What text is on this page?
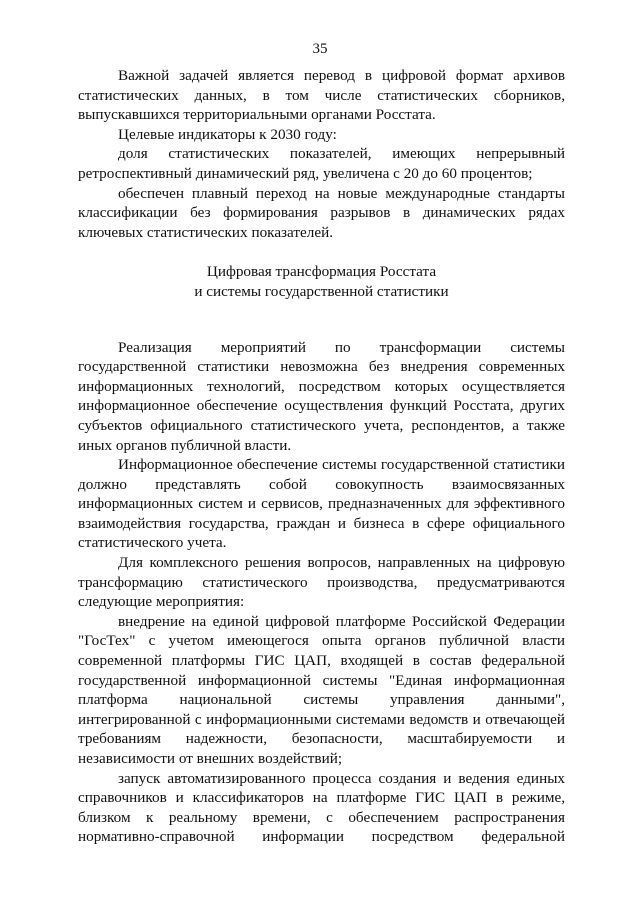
35

Важной задачей является перевод в цифровой формат архивов статистических данных, в том числе статистических сборников, выпускавшихся территориальными органами Росстата.

Целевые индикаторы к 2030 году:

доля статистических показателей, имеющих непрерывный ретроспективный динамический ряд, увеличена с 20 до 60 процентов;

обеспечен плавный переход на новые международные стандарты классификации без формирования разрывов в динамических рядах ключевых статистических показателей.

Цифровая трансформация Росстата
и системы государственной статистики

Реализация мероприятий по трансформации системы государственной статистики невозможна без внедрения современных информационных технологий, посредством которых осуществляется информационное обеспечение осуществления функций Росстата, других субъектов официального статистического учета, респондентов, а также иных органов публичной власти.

Информационное обеспечение системы государственной статистики должно представлять собой совокупность взаимосвязанных информационных систем и сервисов, предназначенных для эффективного взаимодействия государства, граждан и бизнеса в сфере официального статистического учета.

Для комплексного решения вопросов, направленных на цифровую трансформацию статистического производства, предусматриваются следующие мероприятия:

внедрение на единой цифровой платформе Российской Федерации "ГосТех" с учетом имеющегося опыта органов публичной власти современной платформы ГИС ЦАП, входящей в состав федеральной государственной информационной системы "Единая информационная платформа национальной системы управления данными", интегрированной с информационными системами ведомств и отвечающей требованиям надежности, безопасности, масштабируемости и независимости от внешних воздействий;

запуск автоматизированного процесса создания и ведения единых справочников и классификаторов на платформе ГИС ЦАП в режиме, близком к реальному времени, с обеспечением распространения нормативно-справочной информации посредством федеральной
